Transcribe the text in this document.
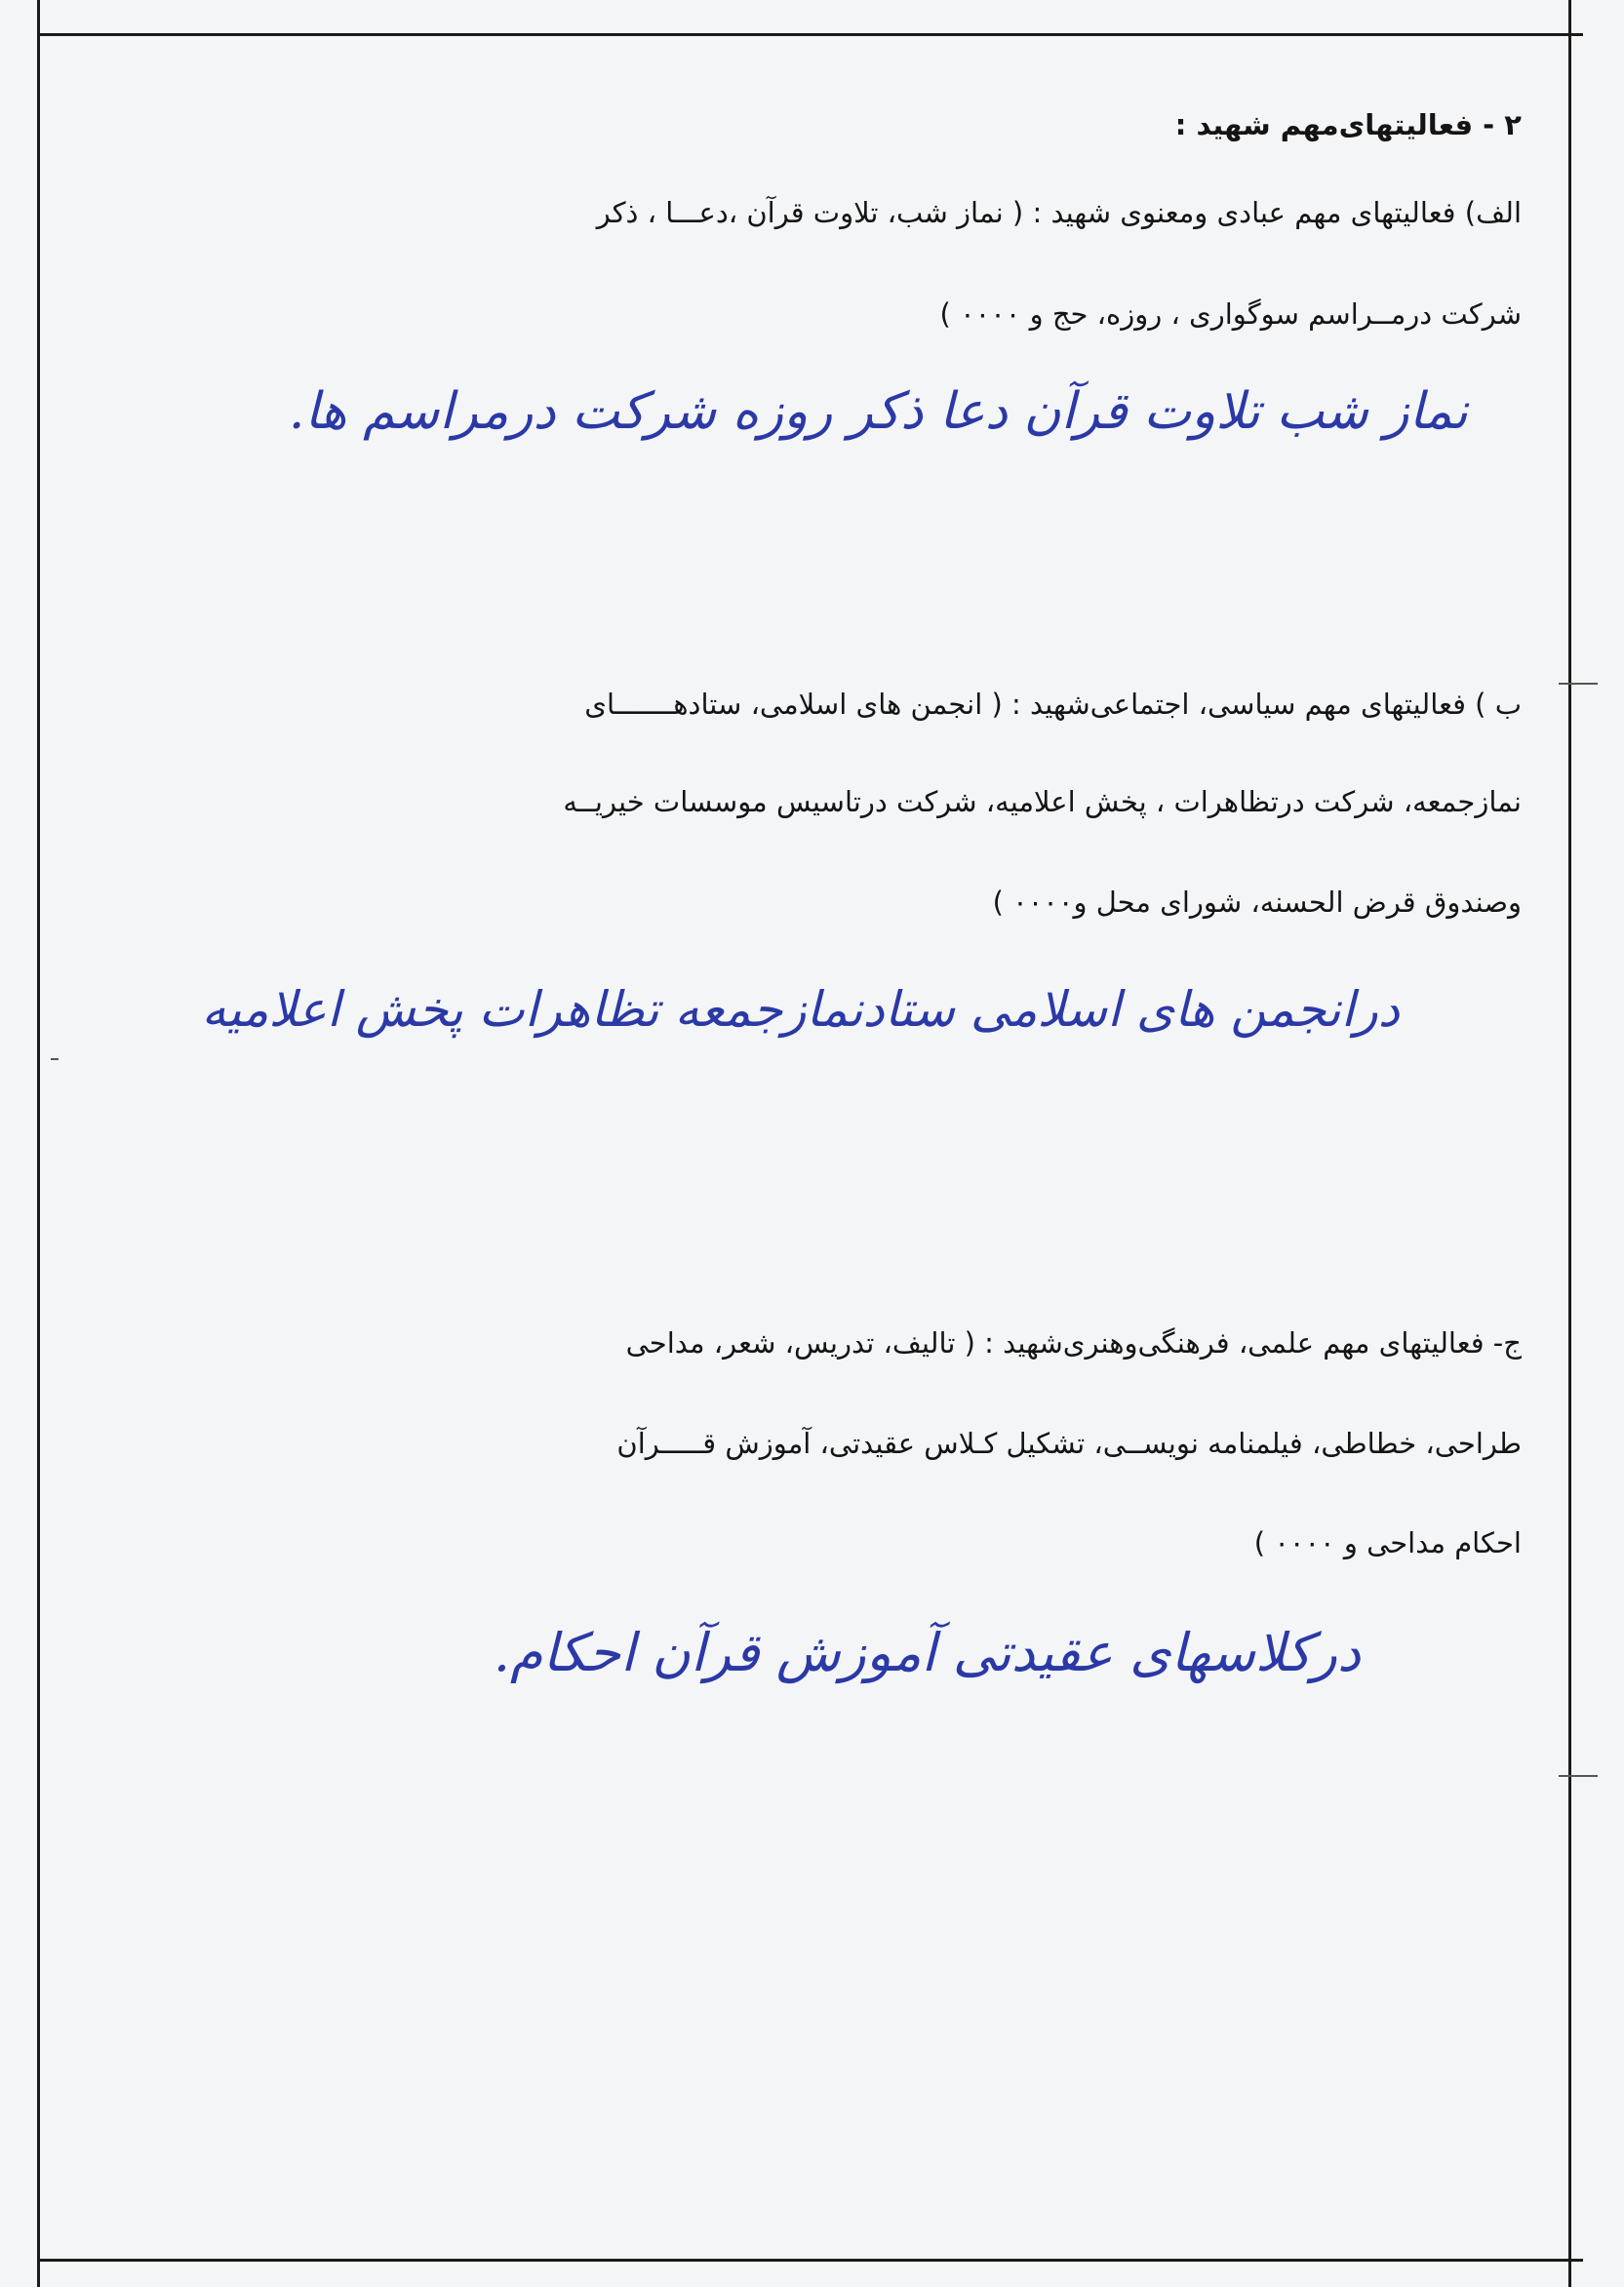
٢ - فعالیتهای‌مهم شهید :
الف) فعالیتهای مهم عبادی ومعنوی شهید : ( نماز شب، تلاوت قرآن ،دعـــا ، ذکر
شرکت درمــراسم سوگواری ، روزه، حج و ٠٠٠٠ )
نماز شب تلاوت قرآن دعا ذکر روزه شرکت درمراسم ها.
ب ) فعالیتهای مهم سیاسی، اجتماعی‌شهید : ( انجمن های اسلامی، ستادهـــــــای
نمازجمعه، شرکت درتظاهرات ، پخش اعلامیه، شرکت درتاسیس موسسات خیریــه
وصندوق قرض الحسنه، شورای محل و٠٠٠٠ )
درانجمن های اسلامی ستادنمازجمعه تظاهرات پخش اعلامیه
ج- فعالیتهای مهم علمی، فرهنگی‌وهنری‌شهید : ( تالیف، تدریس، شعر، مداحی
طراحی، خطاطی، فیلمنامه نویســی، تشکیل کـلاس عقیدتی، آموزش قـــــرآن
احکام مداحی و ٠٠٠٠ )
درکلاسهای عقیدتی آموزش قرآن احکام.
